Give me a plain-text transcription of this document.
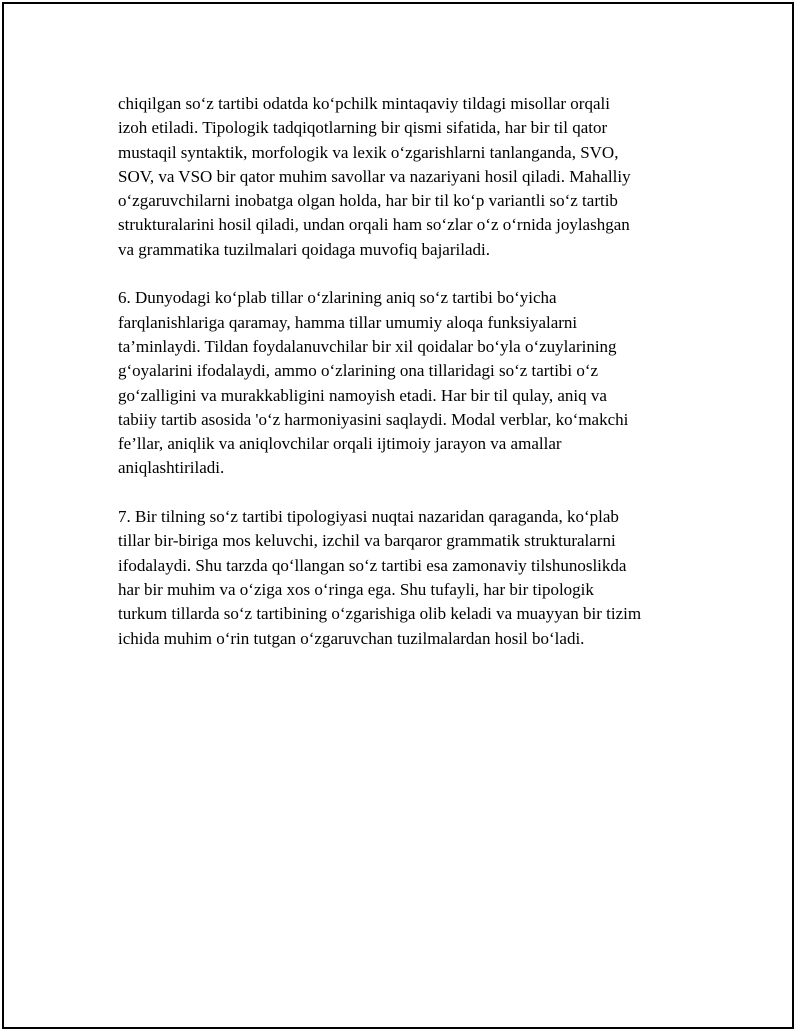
chiqilgan so‘z tartibi odatda ko‘pchilk mintaqaviy tildagi misollar orqali
izoh etiladi. Tipologik tadqiqotlarning bir qismi sifatida, har bir til qator
mustaqil syntaktik, morfologik va lexik o‘zgarishlarni tanlanganda, SVO,
SOV, va VSO bir qator muhim savollar va nazariyani hosil qiladi. Mahalliy
o‘zgaruvchilarni inobatga olgan holda, har bir til ko‘p variantli so‘z tartib
strukturalarini hosil qiladi, undan orqali ham so‘zlar o‘z o‘rnida joylashgan
va grammatika tuzilmalari qoidaga muvofiq bajariladi.

6. Dunyodagi ko‘plab tillar o‘zlarining aniq so‘z tartibi bo‘yicha
farqlanishlariga qaramay, hamma tillar umumiy aloqa funksiyalarni
ta’minlaydi. Tildan foydalanuvchilar bir xil qoidalar bo‘yla o‘zuylarining
g‘oyalarini ifodalaydi, ammo o‘zlarining ona tillaridagi so‘z tartibi o‘z
go‘zalligini va murakkabligini namoyish etadi. Har bir til qulay, aniq va
tabiiy tartib asosida 'o‘z harmoniyasini saqlaydi. Modal verblar, ko‘makchi
fe’llar, aniqlik va aniqlovchilar orqali ijtimoiy jarayon va amallar
aniqlashtiriladi.

7. Bir tilning so‘z tartibi tipologiyasi nuqtai nazaridan qaraganda, ko‘plab
tillar bir-biriga mos keluvchi, izchil va barqaror grammatik strukturalarni
ifodalaydi. Shu tarzda qo‘llangan so‘z tartibi esa zamonaviy tilshunoslikda
har bir muhim va o‘ziga xos o‘ringa ega. Shu tufayli, har bir tipologik
turkum tillarda so‘z tartibining o‘zgarishiga olib keladi va muayyan bir tizim
ichida muhim o‘rin tutgan o‘zgaruvchan tuzilmalardan hosil bo‘ladi.
